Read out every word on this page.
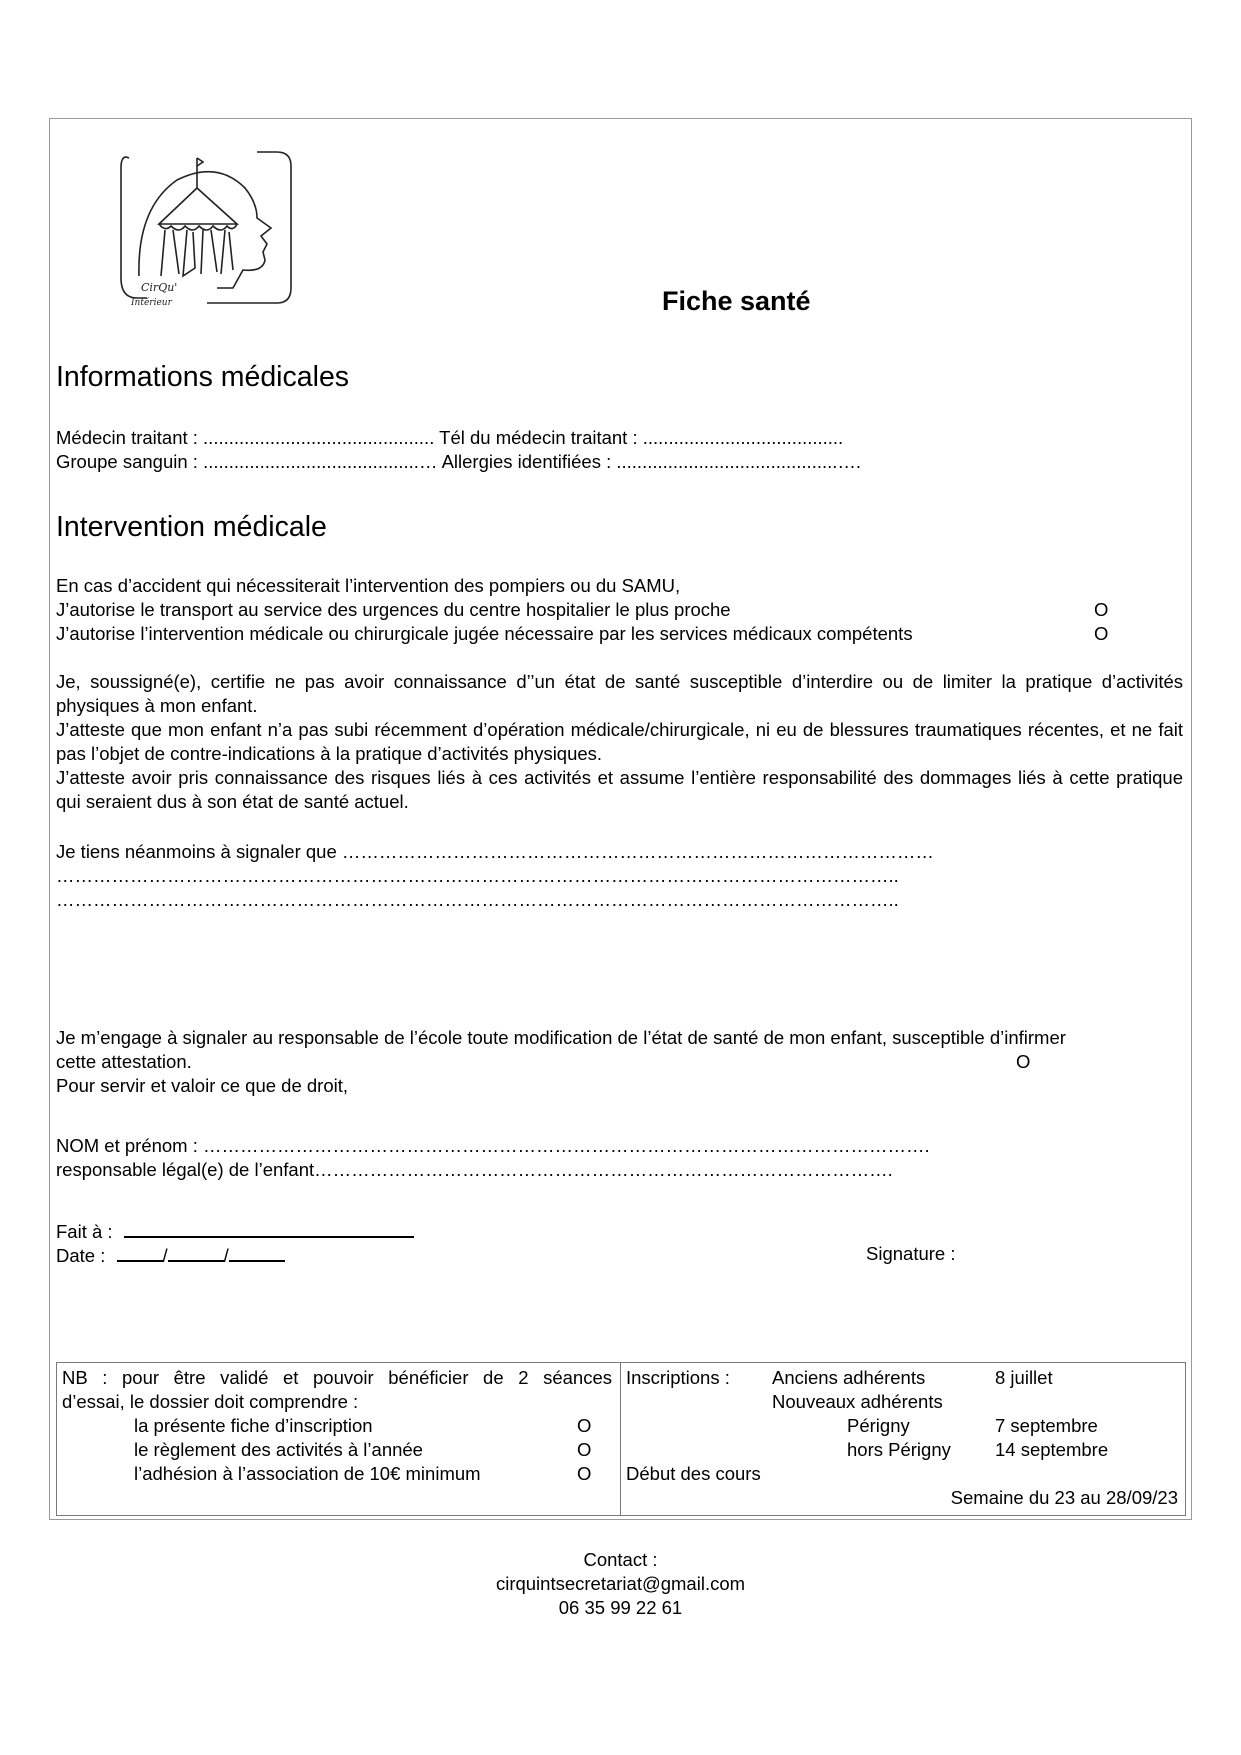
CirQu'
Intérieur	Fiche santé
Informations médicales
Médecin traitant : ............................................. Tél du médecin traitant : .......................................
Groupe sanguin : ..........................................… Allergies identifiées : ...........................................….
Intervention médicale
En cas d’accident qui nécessiterait l’intervention des pompiers ou du SAMU,
J’autorise le transport au service des urgences du centre hospitalier le plus proche	O
J’autorise l’intervention médicale ou chirurgicale jugée nécessaire par les services médicaux compétents	O
Je, soussigné(e), certifie ne pas avoir connaissance d’’un état de santé susceptible d’interdire ou de limiter la pratique d’activités physiques à mon enfant.
J’atteste que mon enfant n’a pas subi récemment d’opération médicale/chirurgicale, ni eu de blessures traumatiques récentes, et ne fait pas l’objet de contre-indications à la pratique d’activités physiques.
J’atteste avoir pris connaissance des risques liés à ces activités et assume l’entière responsabilité des dommages liés à cette pratique qui seraient dus à son état de santé actuel.
Je tiens néanmoins à signaler que ……………………………………………………………………………………
………………………………………………………………………………………………………………………..
………………………………………………………………………………………………………………………..
Je m’engage à signaler au responsable de l’école toute modification de l’état de santé de mon enfant, susceptible d’infirmer
cette attestation.	O
Pour servir et valoir ce que de droit,
NOM et prénom : ……………………………………………………………………………………………………….
responsable légal(e) de l’enfant………………………………………………………………………………….
Fait à :
Date :	/	/	Signature :
NB : pour être validé et pouvoir bénéficier de 2 séances
d’essai, le dossier doit comprendre :
la présente fiche d’inscription	O
le règlement des activités à l’année	O
l’adhésion à l’association de 10€ minimum	O
Inscriptions : Anciens adhérents	8 juillet
Nouveaux adhérents
Périgny	7 septembre
hors Périgny 14 septembre
Début des cours
Semaine du 23 au 28/09/23
Contact :
cirquintsecretariat@gmail.com
06 35 99 22 61
